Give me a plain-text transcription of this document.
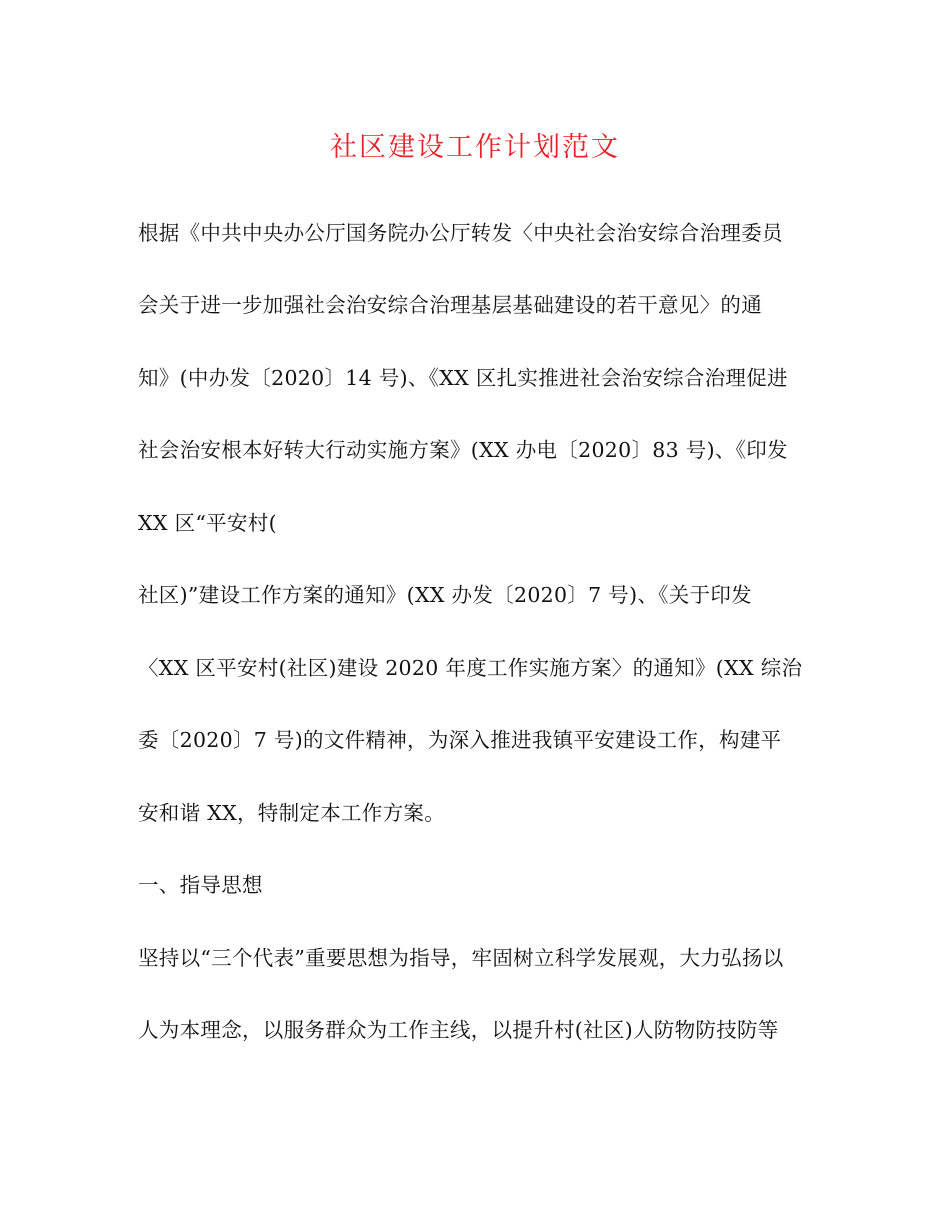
社区建设工作计划范文
根据《中共中央办公厅国务院办公厅转发〈中央社会治安综合治理委员
会关于进一步加强社会治安综合治理基层基础建设的若干意见〉的通
知》(中办发〔2020〕14 号)、《XX 区扎实推进社会治安综合治理促进
社会治安根本好转大行动实施方案》(XX 办电〔2020〕83 号)、《印发
XX 区“平安村(
社区)”建设工作方案的通知》(XX 办发〔2020〕7 号)、《关于印发
〈XX 区平安村(社区)建设 2020 年度工作实施方案〉的通知》(XX 综治
委〔2020〕7 号)的文件精神，为深入推进我镇平安建设工作，构建平
安和谐 XX，特制定本工作方案。
一、指导思想
坚持以“三个代表”重要思想为指导，牢固树立科学发展观，大力弘扬以
人为本理念，以服务群众为工作主线，以提升村(社区)人防物防技防等
